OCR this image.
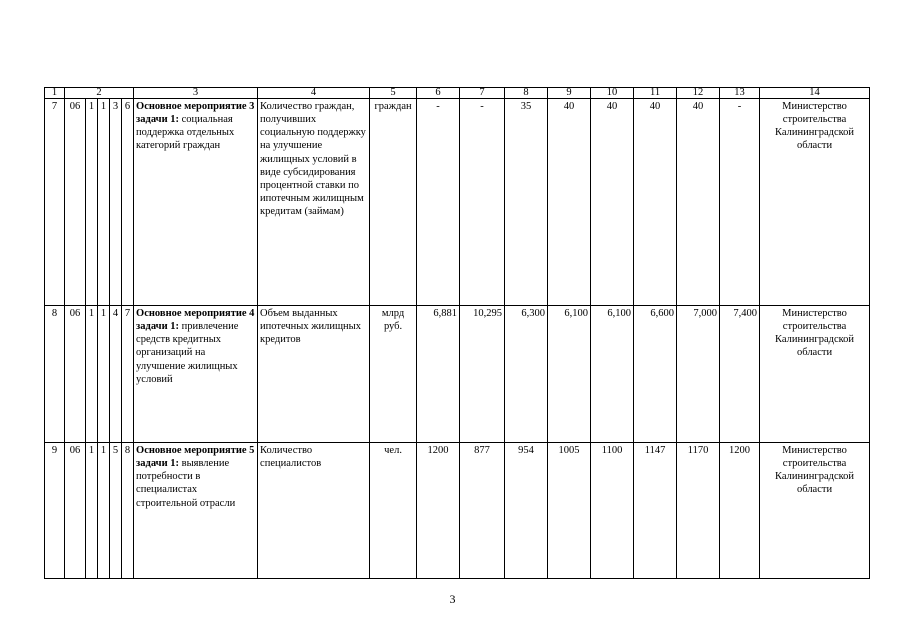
1	2					3	4	5	6	7	8	9	10	11	12	13	14
7	06	1	1	3	6	Основное мероприятие 3 задачи 1: социальная поддержка отдельных категорий граждан	Количество граждан, получивших социальную поддержку на улучшение жилищных условий в виде субсидирования процентной ставки по ипотечным жилищным кредитам (займам)	граждан	-	-	35	40	40	40	40	-	Министерство строительства Калининградской области
8	06	1	1	4	7	Основное мероприятие 4 задачи 1: привлечение средств кредитных организаций на улучшение жилищных условий	Объем выданных ипотечных жилищных кредитов	млрд руб.	6,881	10,295	6,300	6,100	6,100	6,600	7,000	7,400	Министерство строительства Калининградской области
9	06	1	1	5	8	Основное мероприятие 5 задачи 1: выявление потребности в специалистах строительной отрасли	Количество специалистов	чел.	1200	877	954	1005	1100	1147	1170	1200	Министерство строительства Калининградской области
3
